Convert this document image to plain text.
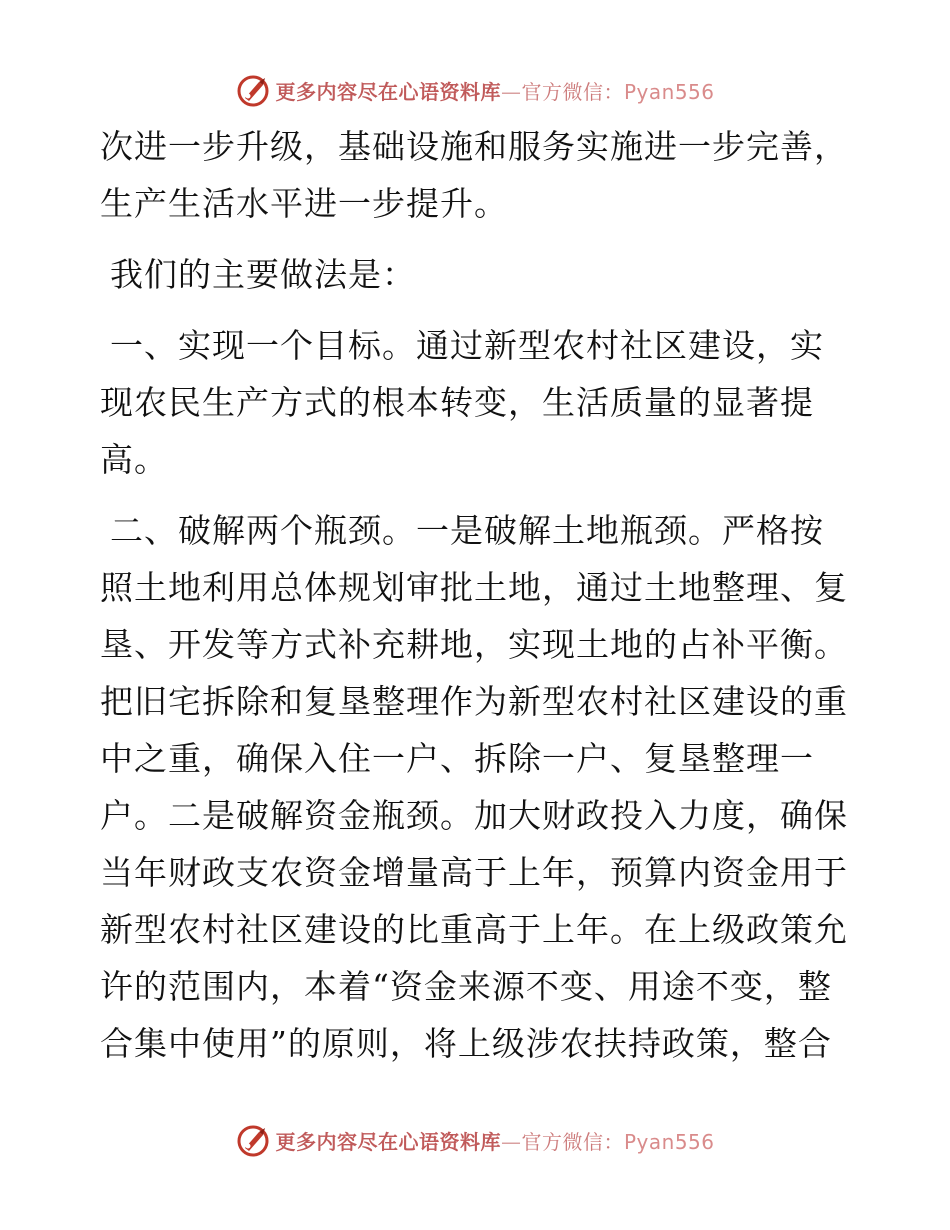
更多内容尽在心语资料库—官方微信：Pyan556

次进一步升级，基础设施和服务实施进一步完善，
生产生活水平进一步提升。

我们的主要做法是：

一、实现一个目标。通过新型农村社区建设，实
现农民生产方式的根本转变，生活质量的显著提
高。

二、破解两个瓶颈。一是破解土地瓶颈。严格按
照土地利用总体规划审批土地，通过土地整理、复
垦、开发等方式补充耕地，实现土地的占补平衡。
把旧宅拆除和复垦整理作为新型农村社区建设的重
中之重，确保入住一户、拆除一户、复垦整理一
户。二是破解资金瓶颈。加大财政投入力度，确保
当年财政支农资金增量高于上年，预算内资金用于
新型农村社区建设的比重高于上年。在上级政策允
许的范围内，本着“资金来源不变、用途不变，整
合集中使用”的原则，将上级涉农扶持政策，整合

更多内容尽在心语资料库—官方微信：Pyan556
